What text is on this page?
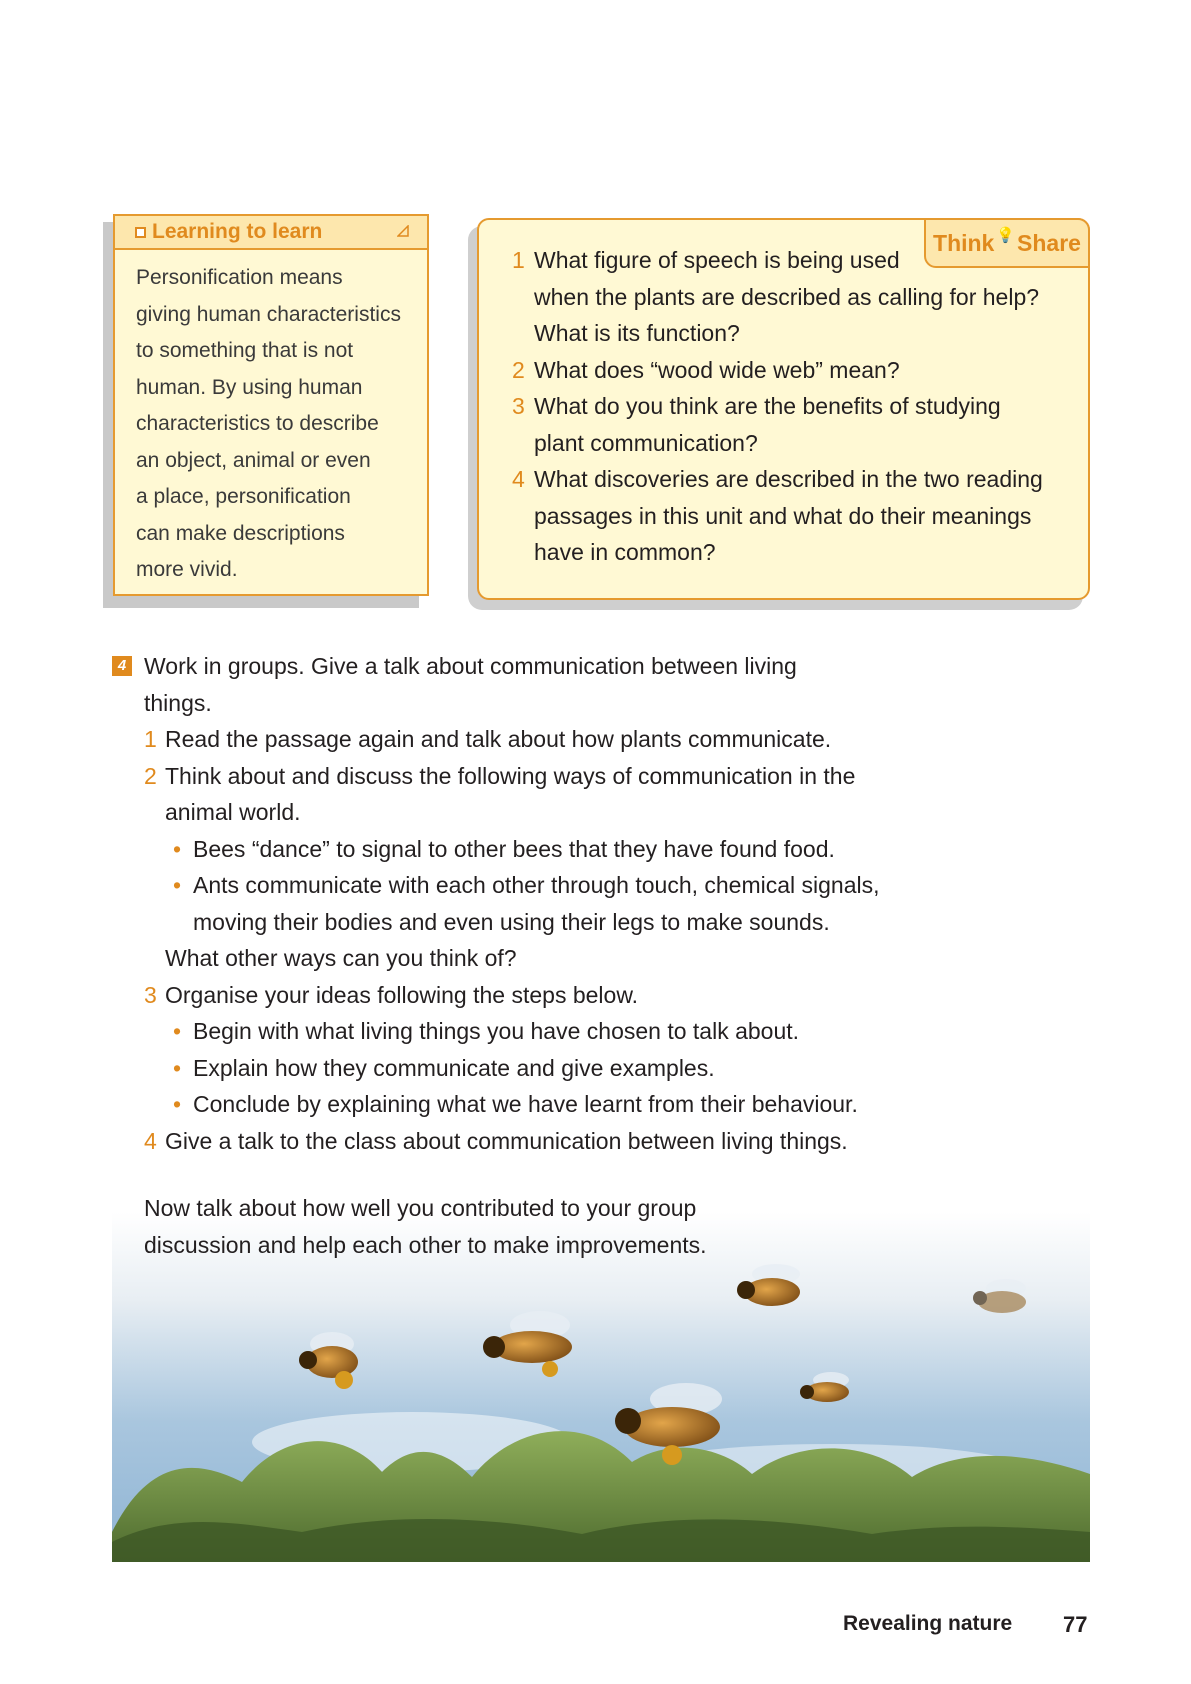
Learning to learn
Personification means
giving human characteristics
to something that is not
human. By using human
characteristics to describe
an object, animal or even
a place, personification
can make descriptions
more vivid.
Think 💡 Share
1 What figure of speech is being used
when the plants are described as calling for help?
What is its function?
2 What does “wood wide web” mean?
3 What do you think are the benefits of studying
plant communication?
4 What discoveries are described in the two reading
passages in this unit and what do their meanings
have in common?
4 Work in groups. Give a talk about communication between living
things.
1 Read the passage again and talk about how plants communicate.
2 Think about and discuss the following ways of communication in the
animal world.
• Bees “dance” to signal to other bees that they have found food.
• Ants communicate with each other through touch, chemical signals,
moving their bodies and even using their legs to make sounds.
What other ways can you think of?
3 Organise your ideas following the steps below.
• Begin with what living things you have chosen to talk about.
• Explain how they communicate and give examples.
• Conclude by explaining what we have learnt from their behaviour.
4 Give a talk to the class about communication between living things.
Now talk about how well you contributed to your group
discussion and help each other to make improvements.
Revealing nature 77
